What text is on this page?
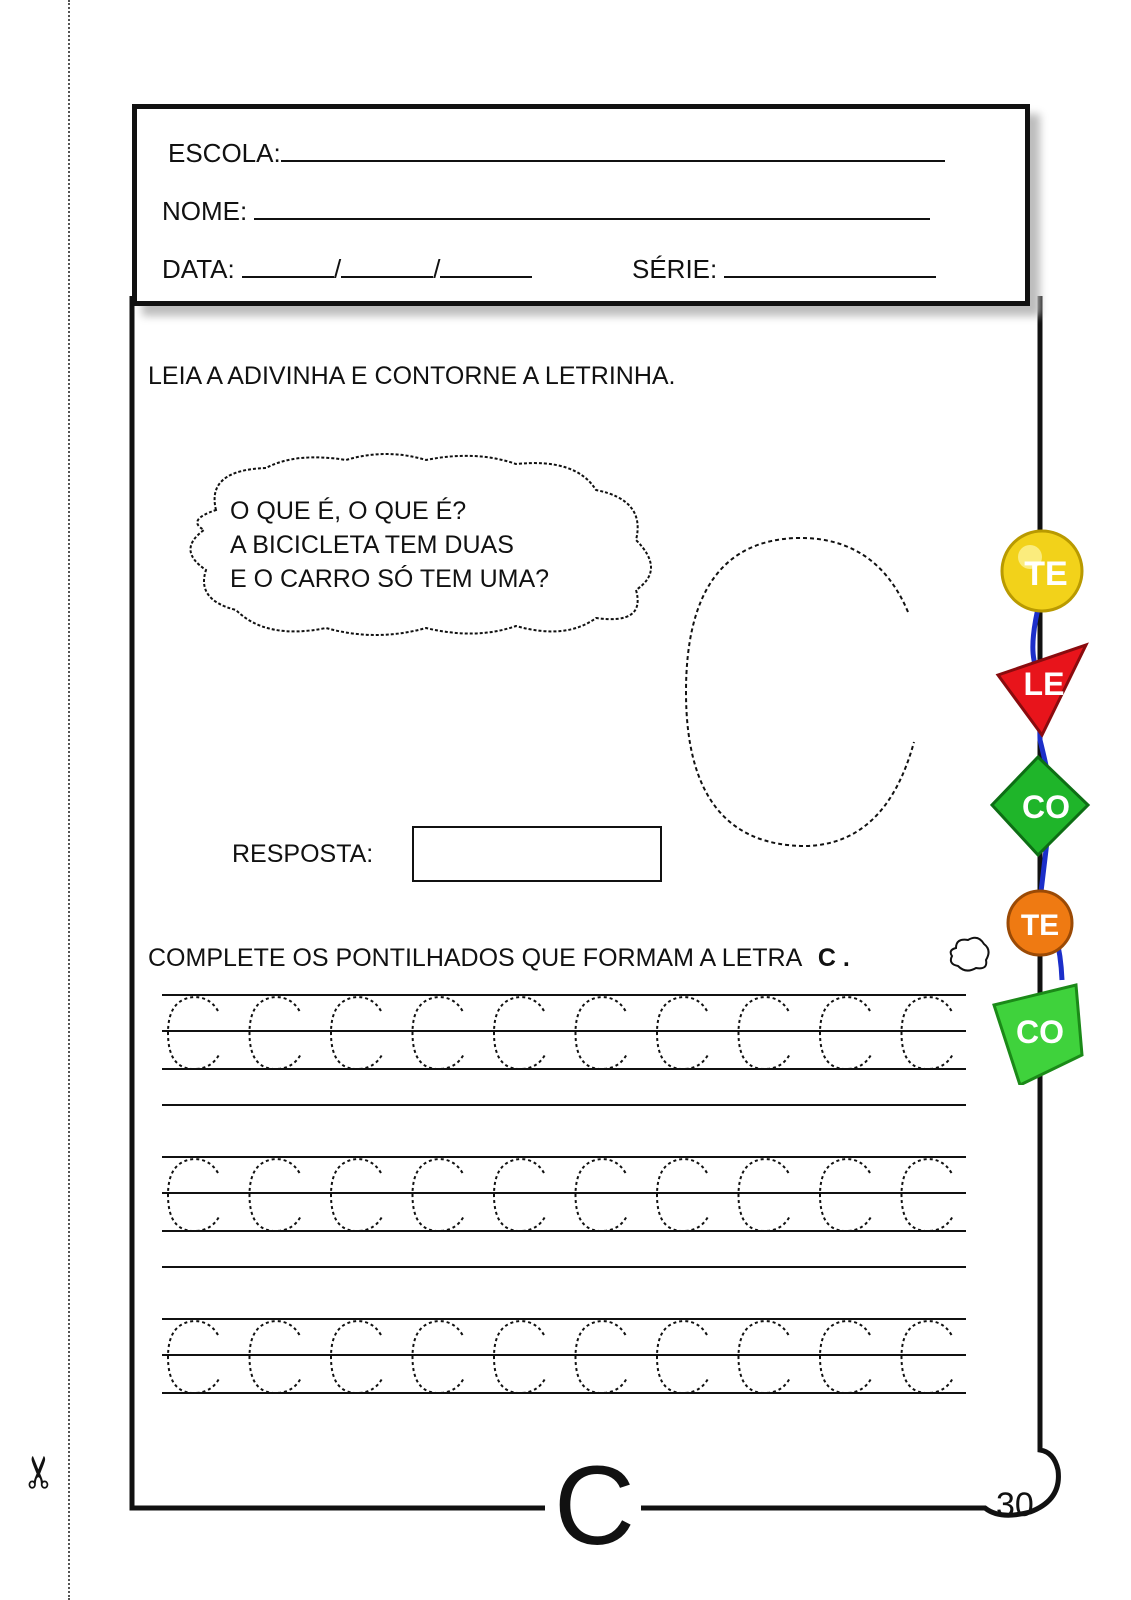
✂
ESCOLA:
NOME:
DATA:	/	/	SÉRIE:
LEIA A ADIVINHA E CONTORNE A LETRINHA.
O QUE É, O QUE É?
A BICICLETA TEM DUAS
E O CARRO SÓ TEM UMA?
RESPOSTA:
COMPLETE OS PONTILHADOS QUE FORMAM A LETRA C .
C	30
TE
LE
CO
TE
CO
